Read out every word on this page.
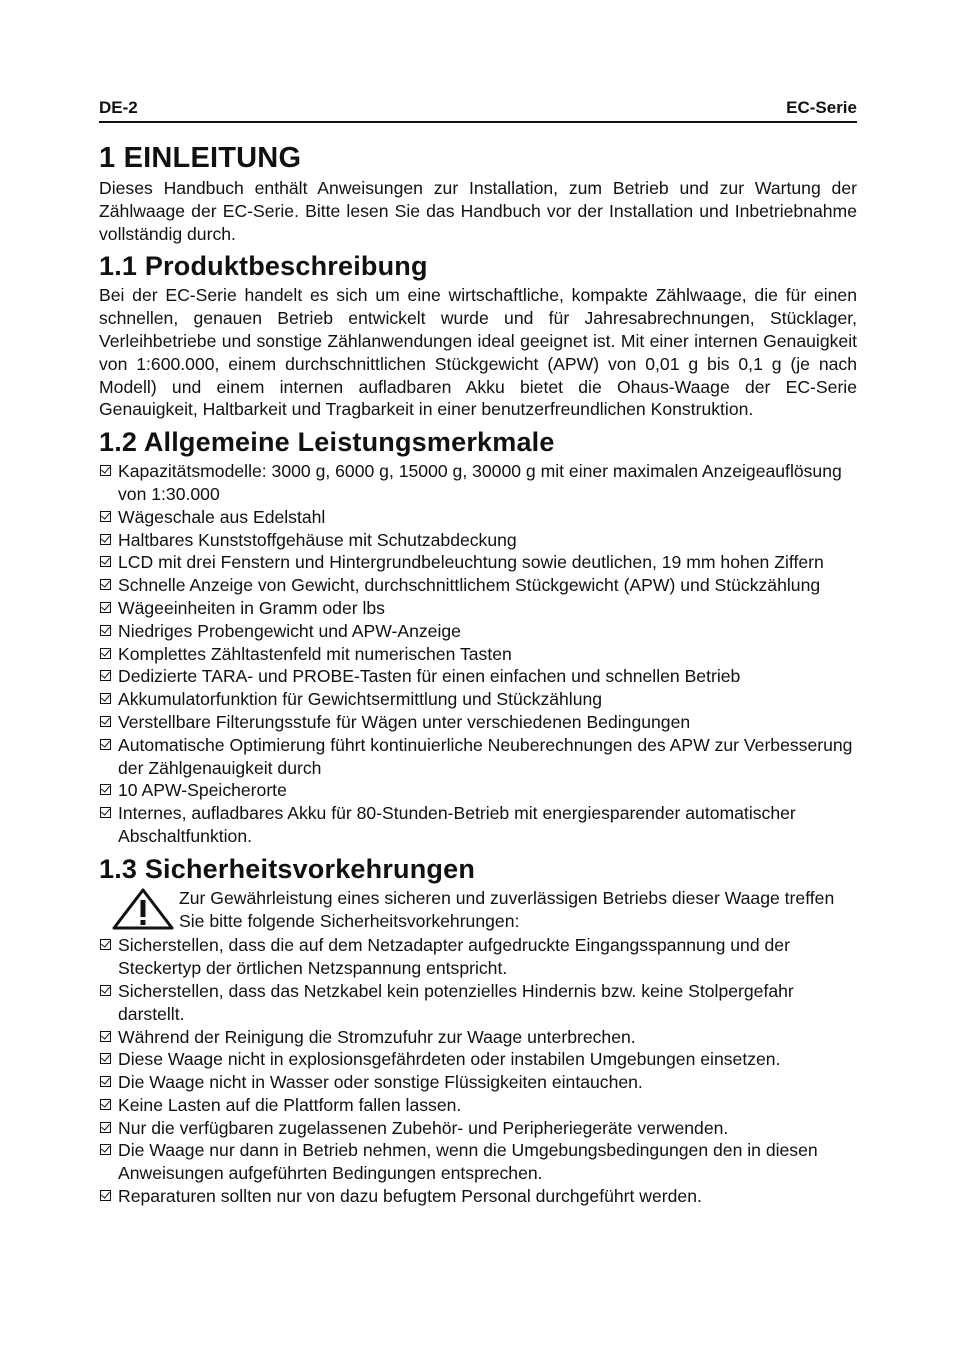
DE-2	EC-Serie
1 EINLEITUNG

Dieses Handbuch enthält Anweisungen zur Installation, zum Betrieb und zur Wartung der Zählwaage der EC-Serie. Bitte lesen Sie das Handbuch vor der Installation und Inbetriebnahme vollständig durch.

1.1 Produktbeschreibung

Bei der EC-Serie handelt es sich um eine wirtschaftliche, kompakte Zählwaage, die für einen schnellen, genauen Betrieb entwickelt wurde und für Jahresabrechnungen, Stücklager, Verleihbetriebe und sonstige Zählanwendungen ideal geeignet ist. Mit einer internen Genauigkeit von 1:600.000, einem durchschnittlichen Stückgewicht (APW) von 0,01 g bis 0,1 g (je nach Modell) und einem internen aufladbaren Akku bietet die Ohaus-Waage der EC-Serie Genauigkeit, Haltbarkeit und Tragbarkeit in einer benutzerfreundlichen Konstruktion.

1.2 Allgemeine Leistungsmerkmale
Kapazitätsmodelle: 3000 g, 6000 g, 15000 g, 30000 g mit einer maximalen Anzeigeauflösung von 1:30.000
Wägeschale aus Edelstahl
Haltbares Kunststoffgehäuse mit Schutzabdeckung
LCD mit drei Fenstern und Hintergrundbeleuchtung sowie deutlichen, 19 mm hohen Ziffern
Schnelle Anzeige von Gewicht, durchschnittlichem Stückgewicht (APW) und Stückzählung
Wägeeinheiten in Gramm oder lbs
Niedriges Probengewicht und APW-Anzeige
Komplettes Zähltastenfeld mit numerischen Tasten
Dedizierte TARA- und PROBE-Tasten für einen einfachen und schnellen Betrieb
Akkumulatorfunktion für Gewichtsermittlung und Stückzählung
Verstellbare Filterungsstufe für Wägen unter verschiedenen Bedingungen
Automatische Optimierung führt kontinuierliche Neuberechnungen des APW zur Verbesserung der Zählgenauigkeit durch
10 APW-Speicherorte
Internes, aufladbares Akku für 80-Stunden-Betrieb mit energiesparender automatischer Abschaltfunktion.
1.3 Sicherheitsvorkehrungen
Zur Gewährleistung eines sicheren und zuverlässigen Betriebs dieser Waage treffen Sie bitte folgende Sicherheitsvorkehrungen:
Sicherstellen, dass die auf dem Netzadapter aufgedruckte Eingangsspannung und der Steckertyp der örtlichen Netzspannung entspricht.
Sicherstellen, dass das Netzkabel kein potenzielles Hindernis bzw. keine Stolpergefahr darstellt.
Während der Reinigung die Stromzufuhr zur Waage unterbrechen.
Diese Waage nicht in explosionsgefährdeten oder instabilen Umgebungen einsetzen.
Die Waage nicht in Wasser oder sonstige Flüssigkeiten eintauchen.
Keine Lasten auf die Plattform fallen lassen.
Nur die verfügbaren zugelassenen Zubehör- und Peripheriegeräte verwenden.
Die Waage nur dann in Betrieb nehmen, wenn die Umgebungsbedingungen den in diesen Anweisungen aufgeführten Bedingungen entsprechen.
Reparaturen sollten nur von dazu befugtem Personal durchgeführt werden.
